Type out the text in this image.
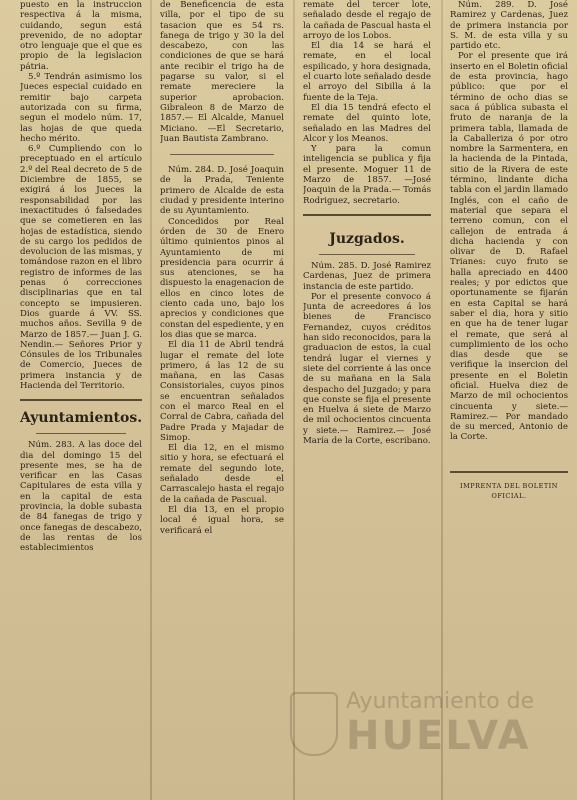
puesto en la instruccion respectiva á la misma, cuidando, segun está prevenido, de no adoptar otro lenguaje que el que es propio de la legislacion pátria.

5.º Tendrán asimismo los Jueces especial cuidado en remitir bajo carpeta autorizada con su firma, segun el modelo núm. 17, las hojas de que queda hecho mérito.

6.º Cumpliendo con lo preceptuado en el artículo 2.º del Real decreto de 5 de Diciembre de 1855, se exigirá á los Jueces la responsabilidad por las inexactitudes ó falsedades que se cometieren en las hojas de estadística, siendo de su cargo los pedidos de devolucion de las mismas, y tomándose razon en el libro registro de informes de las penas ó correcciones disciplinarias que en tal concepto se impusieren. Dios guarde á VV. SS. muchos años. Sevilla 9 de Marzo de 1857.— Juan J. G. Nendin.— Señores Prior y Cónsules de los Tribunales de Comercio, Jueces de primera instancia y de Hacienda del Territorio.

Ayuntamientos.

Núm. 283. A las doce del dia del domingo 15 del presente mes, se ha de verificar en las Casas Capitulares de esta villa y en la capital de esta provincia, la doble subasta de 84 fanegas de trigo y once fanegas de descabezo, de las rentas de los establecimientos

de Beneficencia de esta villa, por el tipo de su tasacion que es 54 rs. fanega de trigo y 30 la del descabezo, con las condiciones de que se hará ante recibir el trigo ha de pagarse su valor, si el remate mereciere la superior aprobacion. Gibraleon 8 de Marzo de 1857.— El Alcalde, Manuel Miciano. —El Secretario, Juan Bautista Zambrano.

Núm. 284. D. José Joaquin de la Prada, Teniente primero de Alcalde de esta ciudad y presidente interino de su Ayuntamiento.

Concedidos por Real órden de 30 de Enero último quinientos pinos al Ayuntamiento de mi presidencia para ocurrir á sus atenciones, se ha dispuesto la enagenacion de ellos en cinco lotes de ciento cada uno, bajo los aprecios y condiciones que constan del espediente, y en los dias que se marca.

El dia 11 de Abril tendrá lugar el remate del lote primero, á las 12 de su mañana, en las Casas Consistoriales, cuyos pinos se encuentran señalados con el marco Real en el Corral de Cabra, cañada del Padre Prada y Majadar de Simop.

El dia 12, en el mismo sitio y hora, se efectuará el remate del segundo lote, señalado desde el Carrascalejo hasta el regajo de la cañada de Pascual.

El dia 13, en el propio local é igual hora, se verificará el

remate del tercer lote, señalado desde el regajo de la cañada de Pascual hasta el arroyo de los Lobos.

El dia 14 se hará el remate, en el local espilicado, y hora designada, el cuarto lote señalado desde el arroyo del Sibilla á la fuente de la Teja.

El dia 15 tendrá efecto el remate del quinto lote, señalado en las Madres del Alcor y los Meanos.

Y para la comun inteligencia se publica y fija el presente. Moguer 11 de Marzo de 1857. —José Joaquin de la Prada.— Tomás Rodriguez, secretario.

Juzgados.

Núm. 285. D. José Ramirez Cardenas, Juez de primera instancia de este partido.

Por el presente convoco á Junta de acreedores á los bienes de Francisco Fernandez, cuyos créditos han sido reconocidos, para la graduacion de estos, la cual tendrá lugar el viernes y siete del corriente á las once de su mañana en la Sala despacho del Juzgado; y para que conste se fija el presente en Huelva á siete de Marzo de mil ochocientos cincuenta y siete.— Ramirez.— José María de la Corte, escribano.

Núm. 289. D. José Ramirez y Cardenas, Juez de primera instancia por S. M. de esta villa y su partido etc.

Por el presente que irá inserto en el Boletin oficial de esta provincia, hago público: que por el término de ocho dias se saca á pública subasta el fruto de naranja de la primera tabla, llamada de la Caballeriza ó por otro nombre la Sarmentera, en la hacienda de la Pintada, sitio de la Rivera de este término, lindante dicha tabla con el jardin llamado Inglés, con el caño de material que separa el terreno comun, con el callejon de entrada á dicha hacienda y con olivar de D. Rafael Trianes: cuyo fruto se halla apreciado en 4400 reales; y por edictos que oportunamente se fijarán en esta Capital se hará saber el dia, hora y sitio en que ha de tener lugar el remate, que será al cumplimiento de los ocho dias desde que se verifique la insercion del presente en el Boletin oficial. Huelva diez de Marzo de mil ochocientos cincuenta y siete.— Ramirez.— Por mandado de su merced, Antonio de la Corte.

IMPRENTA DEL BOLETIN OFICIAL.
Ayuntamiento de
HUELVA
